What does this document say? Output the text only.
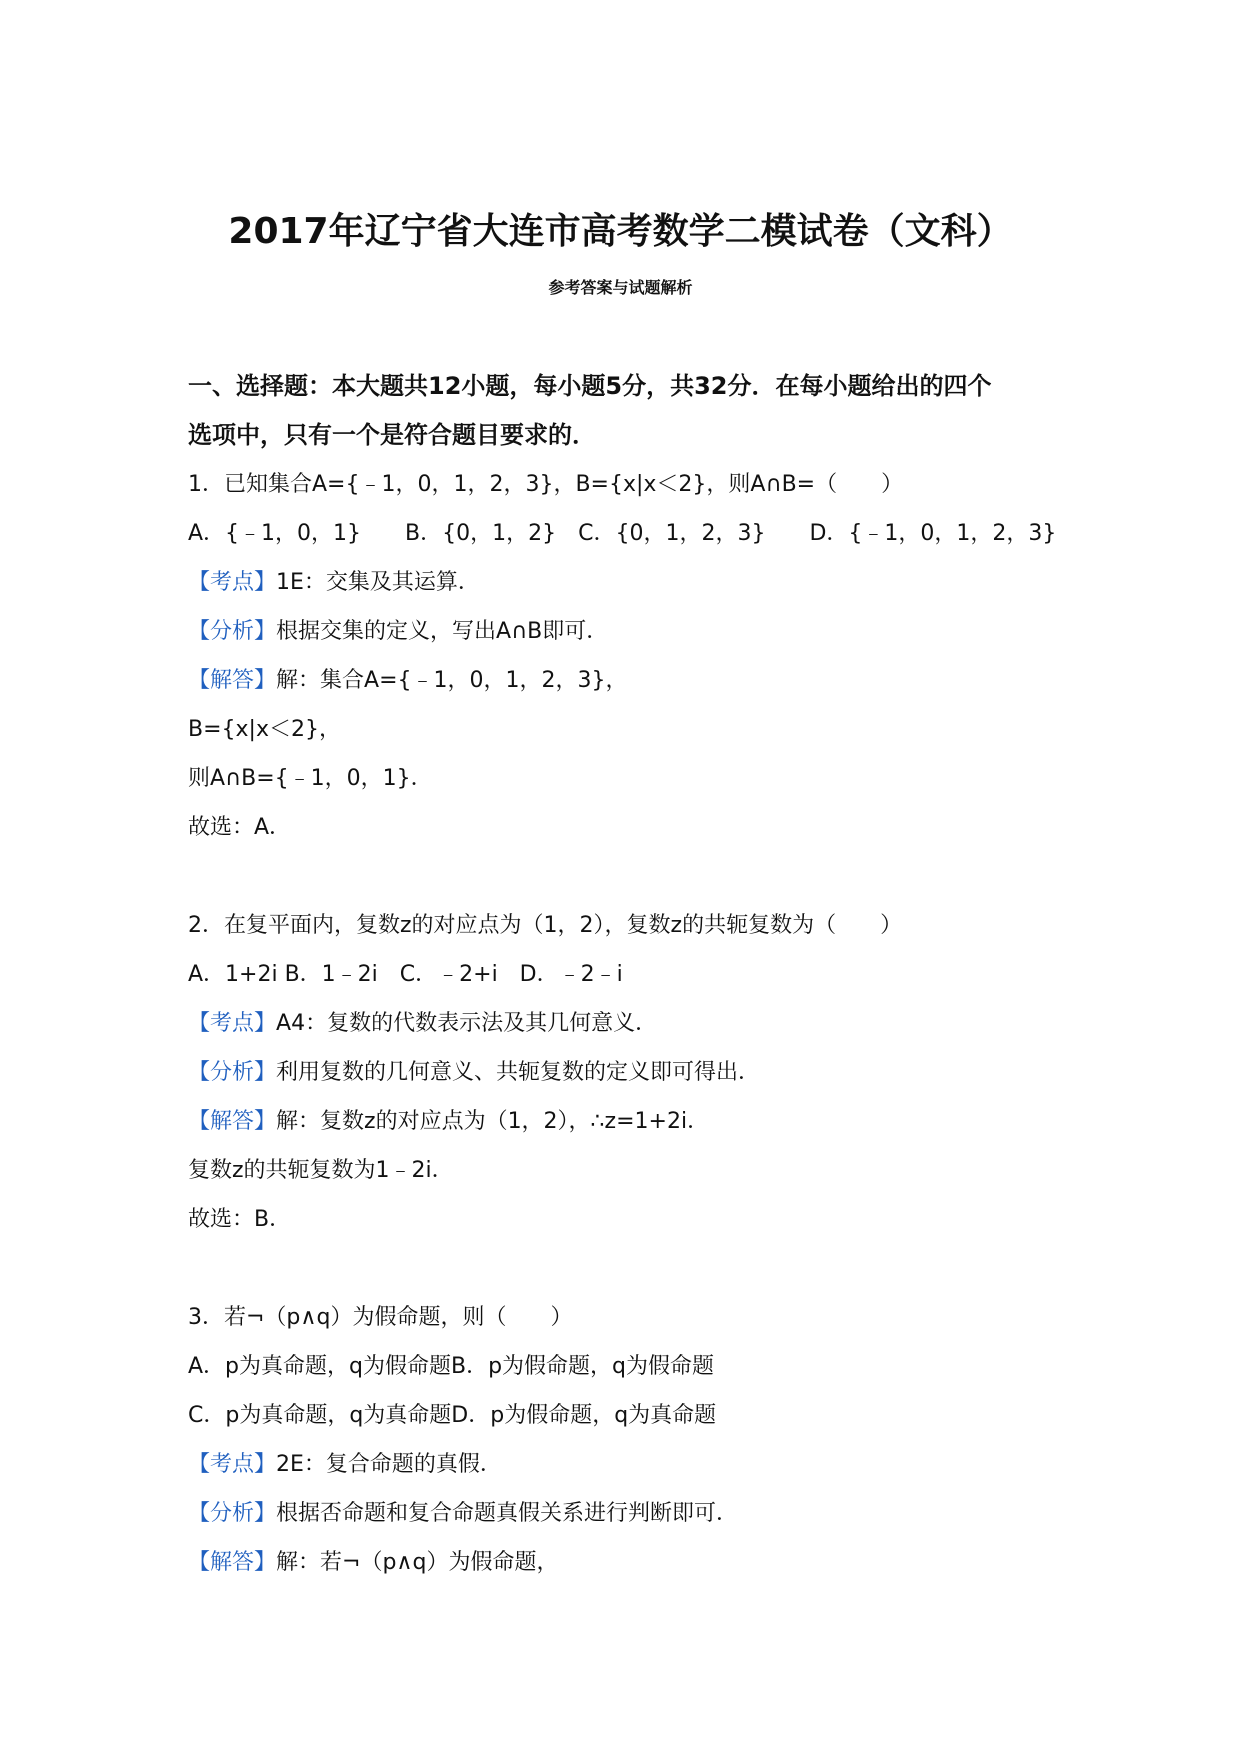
2017年辽宁省大连市高考数学二模试卷（文科）
参考答案与试题解析

一、选择题：本大题共12小题，每小题5分，共32分．在每小题给出的四个

选项中，只有一个是符合题目要求的．

1．已知集合A={﹣1，0，1，2，3}，B={x|x＜2}，则A∩B=（　　）

A．{﹣1，0，1}　　B．{0，1，2}　C．{0，1，2，3}　　D．{﹣1，0，1，2，3}

【考点】1E：交集及其运算．

【分析】根据交集的定义，写出A∩B即可．

【解答】解：集合A={﹣1，0，1，2，3}，

B={x|x＜2}，

则A∩B={﹣1，0，1}．

故选：A．

2．在复平面内，复数z的对应点为（1，2），复数z的共轭复数为（　　）

A．1+2i B．1﹣2i　C．﹣2+i　D．﹣2﹣i

【考点】A4：复数的代数表示法及其几何意义．

【分析】利用复数的几何意义、共轭复数的定义即可得出．

【解答】解：复数z的对应点为（1，2），∴z=1+2i．

复数z的共轭复数为1﹣2i．

故选：B．

3．若¬（p∧q）为假命题，则（　　）

A．p为真命题，q为假命题B．p为假命题，q为假命题

C．p为真命题，q为真命题D．p为假命题，q为真命题

【考点】2E：复合命题的真假．

【分析】根据否命题和复合命题真假关系进行判断即可．

【解答】解：若¬（p∧q）为假命题，
